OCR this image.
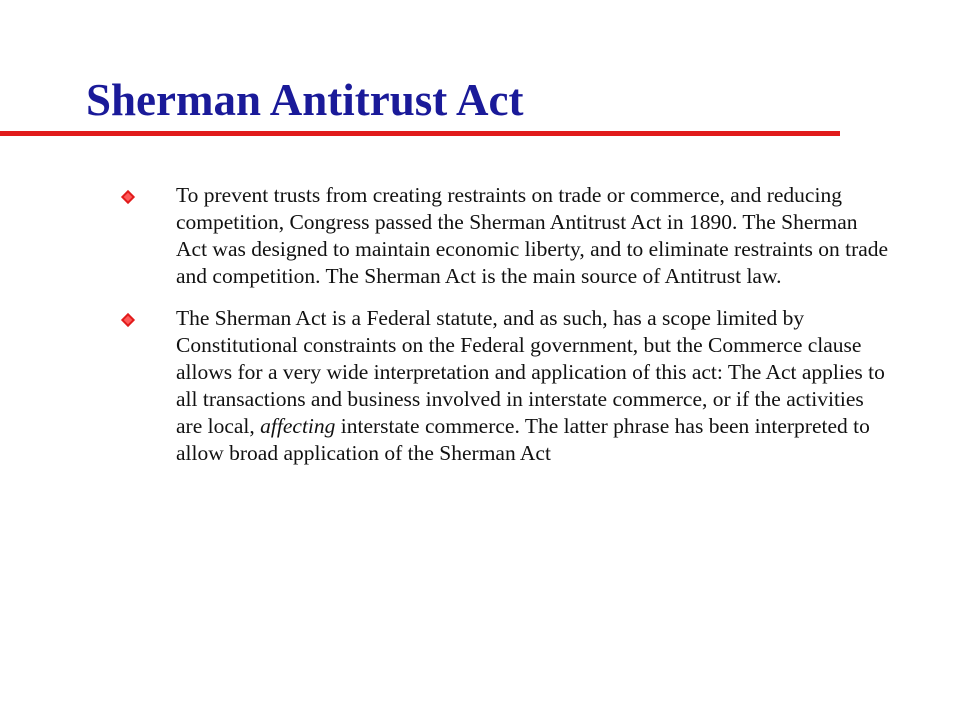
Sherman Antitrust Act
To prevent trusts from creating restraints on trade or commerce, and reducing competition, Congress passed the Sherman Antitrust Act in 1890. The Sherman Act was designed to maintain economic liberty, and to eliminate restraints on trade and competition. The Sherman Act is the main source of Antitrust law.
The Sherman Act is a Federal statute, and as such, has a scope limited by Constitutional constraints on the Federal government, but the Commerce clause allows for a very wide interpretation and application of this act: The Act applies to all transactions and business involved in interstate commerce, or if the activities are local, affecting interstate commerce. The latter phrase has been interpreted to allow broad application of the Sherman Act
